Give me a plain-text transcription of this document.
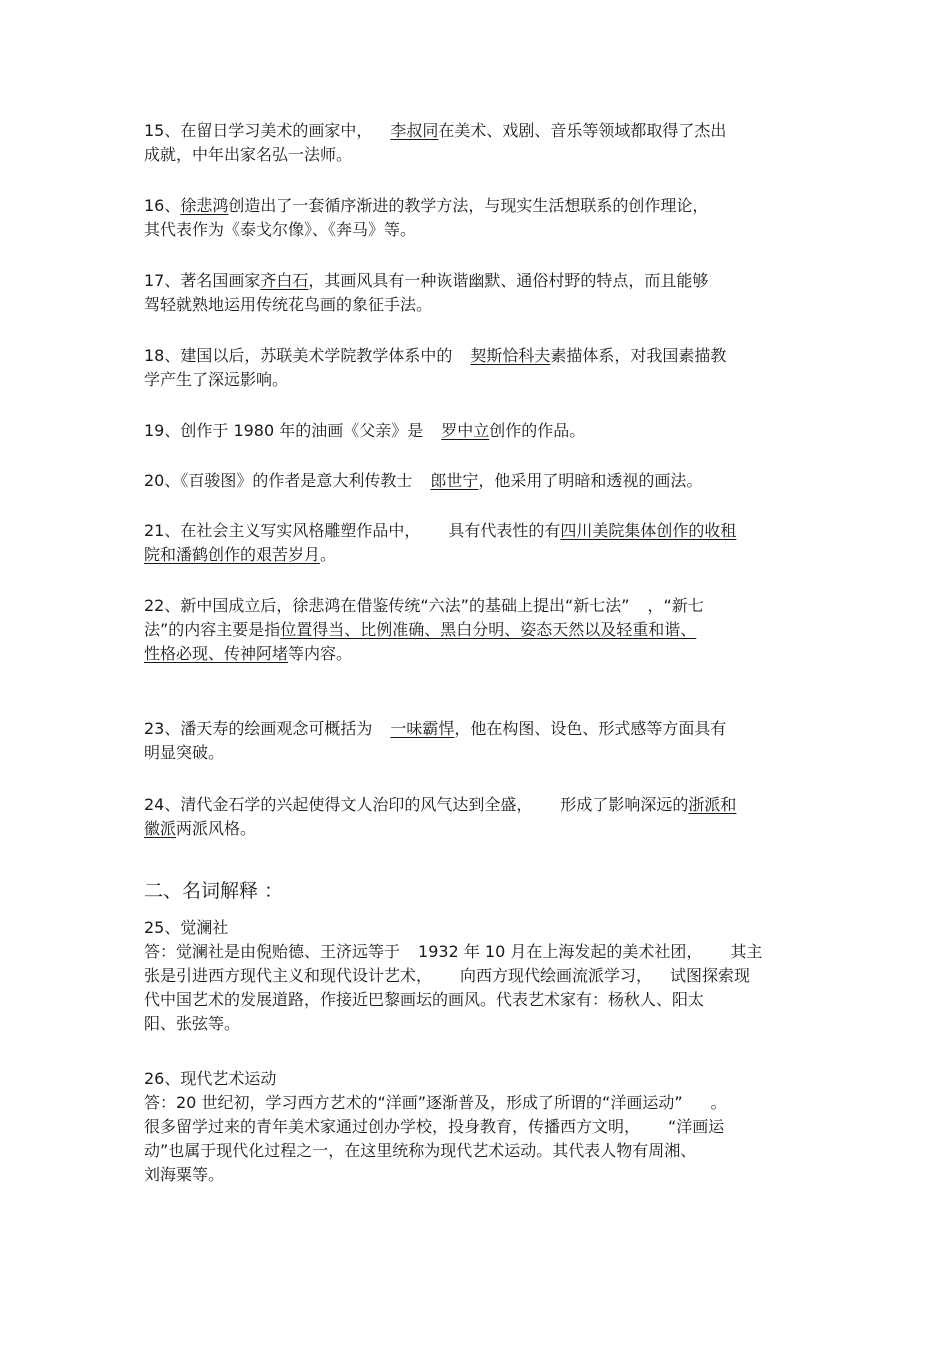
15、在留日学习美术的画家中， 李叔同在美术、戏剧、音乐等领域都取得了杰出
成就，中年出家名弘一法师。
16、徐悲鸿创造出了一套循序渐进的教学方法，与现实生活想联系的创作理论，
其代表作为《泰戈尔像》、《奔马》等。
17、著名国画家齐白石，其画风具有一种诙谐幽默、通俗村野的特点，而且能够
驾轻就熟地运用传统花鸟画的象征手法。
18、建国以后，苏联美术学院教学体系中的 契斯恰科夫素描体系，对我国素描教
学产生了深远影响。
19、创作于 1980 年的油画《父亲》是 罗中立创作的作品。
20、《百骏图》的作者是意大利传教士 郎世宁，他采用了明暗和透视的画法。
21、在社会主义写实风格雕塑作品中， 具有代表性的有四川美院集体创作的收租
院和潘鹤创作的艰苦岁月。
22、新中国成立后，徐悲鸿在借鉴传统“六法”的基础上提出“新七法” ，“新七
法”的内容主要是指位置得当、比例准确、黑白分明、姿态天然以及轻重和谐、
性格必现、传神阿堵等内容。
23、潘天寿的绘画观念可概括为 一味霸悍，他在构图、设色、形式感等方面具有
明显突破。
24、清代金石学的兴起使得文人治印的风气达到全盛， 形成了影响深远的浙派和
徽派两派风格。
二、名词解释 ：
25、觉澜社
答：觉澜社是由倪贻德、王济远等于 1932 年 10 月在上海发起的美术社团， 其主
张是引进西方现代主义和现代设计艺术， 向西方现代绘画流派学习， 试图探索现
代中国艺术的发展道路，作接近巴黎画坛的画风。代表艺术家有：杨秋人、阳太
阳、张弦等。
26、现代艺术运动
答：20 世纪初，学习西方艺术的“洋画”逐渐普及，形成了所谓的“洋画运动” 。
很多留学过来的青年美术家通过创办学校，投身教育，传播西方文明， “洋画运
动”也属于现代化过程之一，在这里统称为现代艺术运动。其代表人物有周湘、
刘海粟等。
